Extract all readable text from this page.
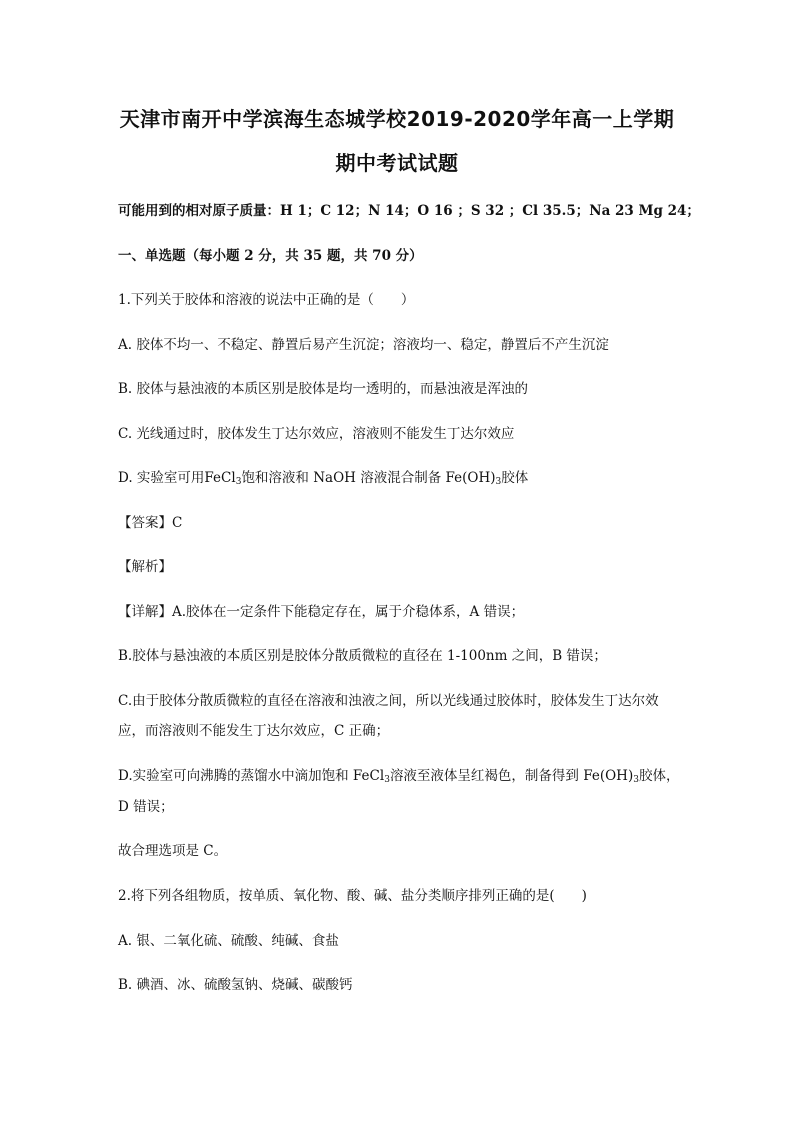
天津市南开中学滨海生态城学校2019-2020学年高一上学期
期中考试试题
可能用到的相对原子质量：H 1；C 12；N 14；O 16 ；S 32 ；Cl 35.5；Na 23 Mg 24；
一、单选题（每小题 2 分，共 35 题，共 70 分）
1.下列关于胶体和溶液的说法中正确的是（　　）
A. 胶体不均一、不稳定、静置后易产生沉淀；溶液均一、稳定，静置后不产生沉淀
B. 胶体与悬浊液的本质区别是胶体是均一透明的，而悬浊液是浑浊的
C. 光线通过时，胶体发生丁达尔效应，溶液则不能发生丁达尔效应
D. 实验室可用FeCl$_3$饱和溶液和 NaOH 溶液混合制备 $Fe(OH)_3$胶体
【答案】C
【解析】
【详解】A.胶体在一定条件下能稳定存在，属于介稳体系，A 错误；
B.胶体与悬浊液的本质区别是胶体分散质微粒的直径在 1-100nm 之间，B 错误；
C.由于胶体分散质微粒的直径在溶液和浊液之间，所以光线通过胶体时，胶体发生丁达尔效
应，而溶液则不能发生丁达尔效应，C 正确；
D.实验室可向沸腾的蒸馏水中滴加饱和 FeCl$_3$溶液至液体呈红褐色，制备得到 $Fe(OH)_3$胶体，
D 错误；
故合理选项是 C。
2.将下列各组物质，按单质、氧化物、酸、碱、盐分类顺序排列正确的是(　　)
A. 银、二氧化硫、硫酸、纯碱、食盐
B. 碘酒、冰、硫酸氢钠、烧碱、碳酸钙
